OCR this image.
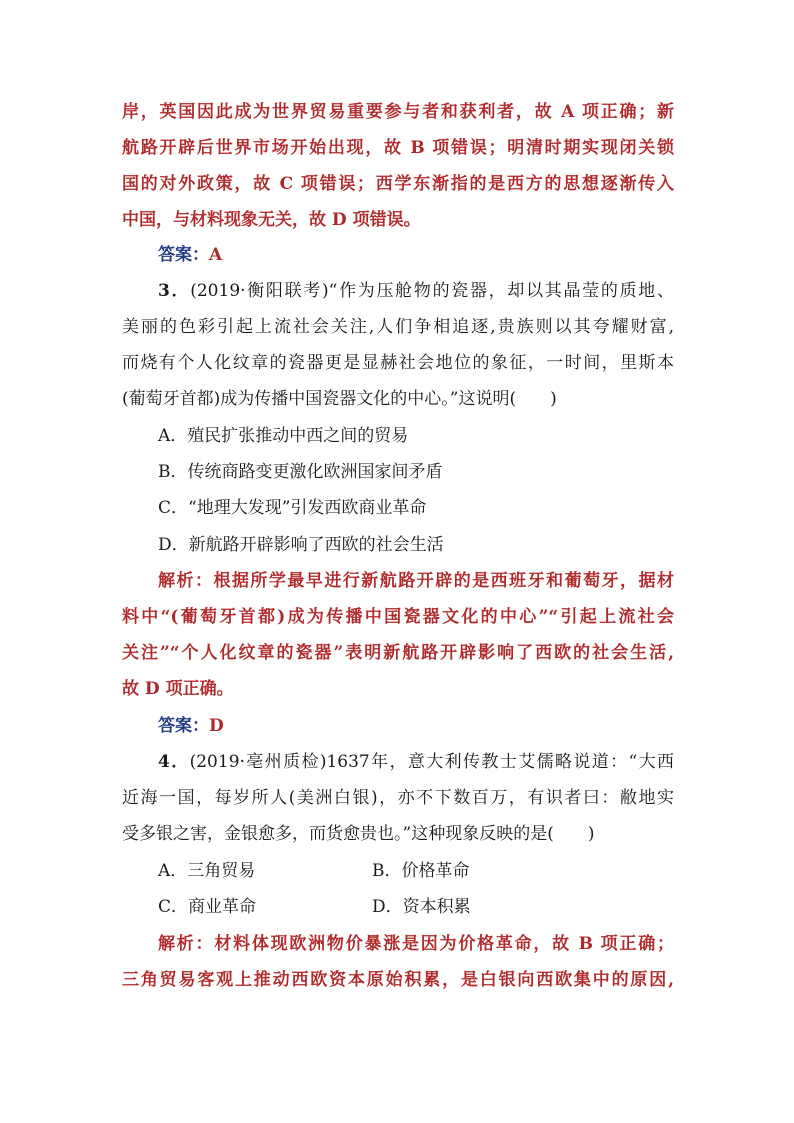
岸，英国因此成为世界贸易重要参与者和获利者，故 A 项正确；新
航路开辟后世界市场开始出现，故 B 项错误；明清时期实现闭关锁
国的对外政策，故 C 项错误；西学东渐指的是西方的思想逐渐传入
中国，与材料现象无关，故 D 项错误。
答案：A
3．(2019·衡阳联考)“作为压舱物的瓷器，却以其晶莹的质地、
美丽的色彩引起上流社会关注,人们争相追逐,贵族则以其夸耀财富,
而烧有个人化纹章的瓷器更是显赫社会地位的象征，一时间，里斯本
(葡萄牙首都)成为传播中国瓷器文化的中心。”这说明(　　)
A．殖民扩张推动中西之间的贸易
B．传统商路变更激化欧洲国家间矛盾
C．“地理大发现”引发西欧商业革命
D．新航路开辟影响了西欧的社会生活
解析：根据所学最早进行新航路开辟的是西班牙和葡萄牙，据材
料中“(葡萄牙首都)成为传播中国瓷器文化的中心”“引起上流社会
关注”“个人化纹章的瓷器”表明新航路开辟影响了西欧的社会生活,
故 D 项正确。
答案：D
4．(2019·亳州质检)1637年，意大利传教士艾儒略说道：“大西
近海一国，每岁所人(美洲白银)，亦不下数百万，有识者曰：敝地实
受多银之害，金银愈多，而货愈贵也。”这种现象反映的是(　　)
A．三角贸易	B．价格革命
C．商业革命	D．资本积累
解析：材料体现欧洲物价暴涨是因为价格革命，故 B 项正确；
三角贸易客观上推动西欧资本原始积累，是白银向西欧集中的原因,
